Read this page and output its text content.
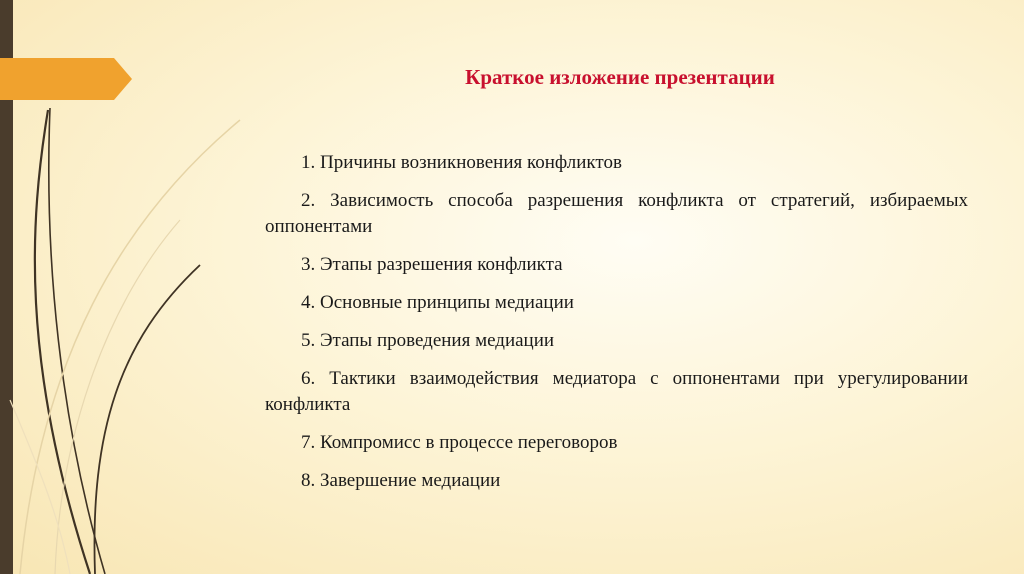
Краткое изложение презентации
1. Причины возникновения конфликтов
2. Зависимость способа разрешения конфликта от стратегий, избираемых оппонентами
3. Этапы разрешения конфликта
4. Основные принципы медиации
5. Этапы проведения медиации
6. Тактики взаимодействия медиатора с оппонентами при урегулировании конфликта
7. Компромисс в процессе переговоров
8. Завершение медиации
